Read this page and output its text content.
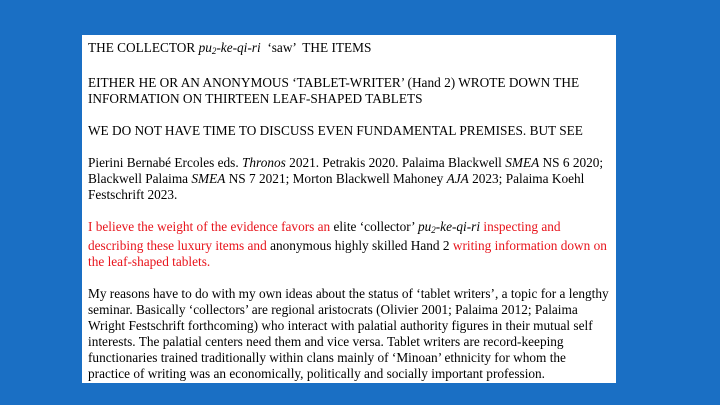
THE COLLECTOR $pu_2-ke-qi-ri$  ‘saw’  THE ITEMS

EITHER HE OR AN ANONYMOUS ‘TABLET-WRITER’ (Hand 2) WROTE DOWN THE INFORMATION ON THIRTEEN LEAF-SHAPED TABLETS

WE DO NOT HAVE TIME TO DISCUSS EVEN FUNDAMENTAL PREMISES. BUT SEE

Pierini Bernabé Ercoles eds. Thronos 2021. Petrakis 2020. Palaima Blackwell SMEA NS 6 2020; Blackwell Palaima SMEA NS 7 2021; Morton Blackwell Mahoney AJA 2023; Palaima Koehl Festschrift 2023.

I believe the weight of the evidence favors an elite ‘collector’ $pu_2-ke-qi-ri$ inspecting and describing these luxury items and anonymous highly skilled Hand 2 writing information down on the leaf-shaped tablets.

My reasons have to do with my own ideas about the status of ‘tablet writers’, a topic for a lengthy seminar. Basically ‘collectors’ are regional aristocrats (Olivier 2001; Palaima 2012; Palaima Wright Festschrift forthcoming) who interact with palatial authority figures in their mutual self interests. The palatial centers need them and vice versa. Tablet writers are record-keeping functionaries trained traditionally within clans mainly of ‘Minoan’ ethnicity for whom the practice of writing was an economically, politically and socially important profession.
